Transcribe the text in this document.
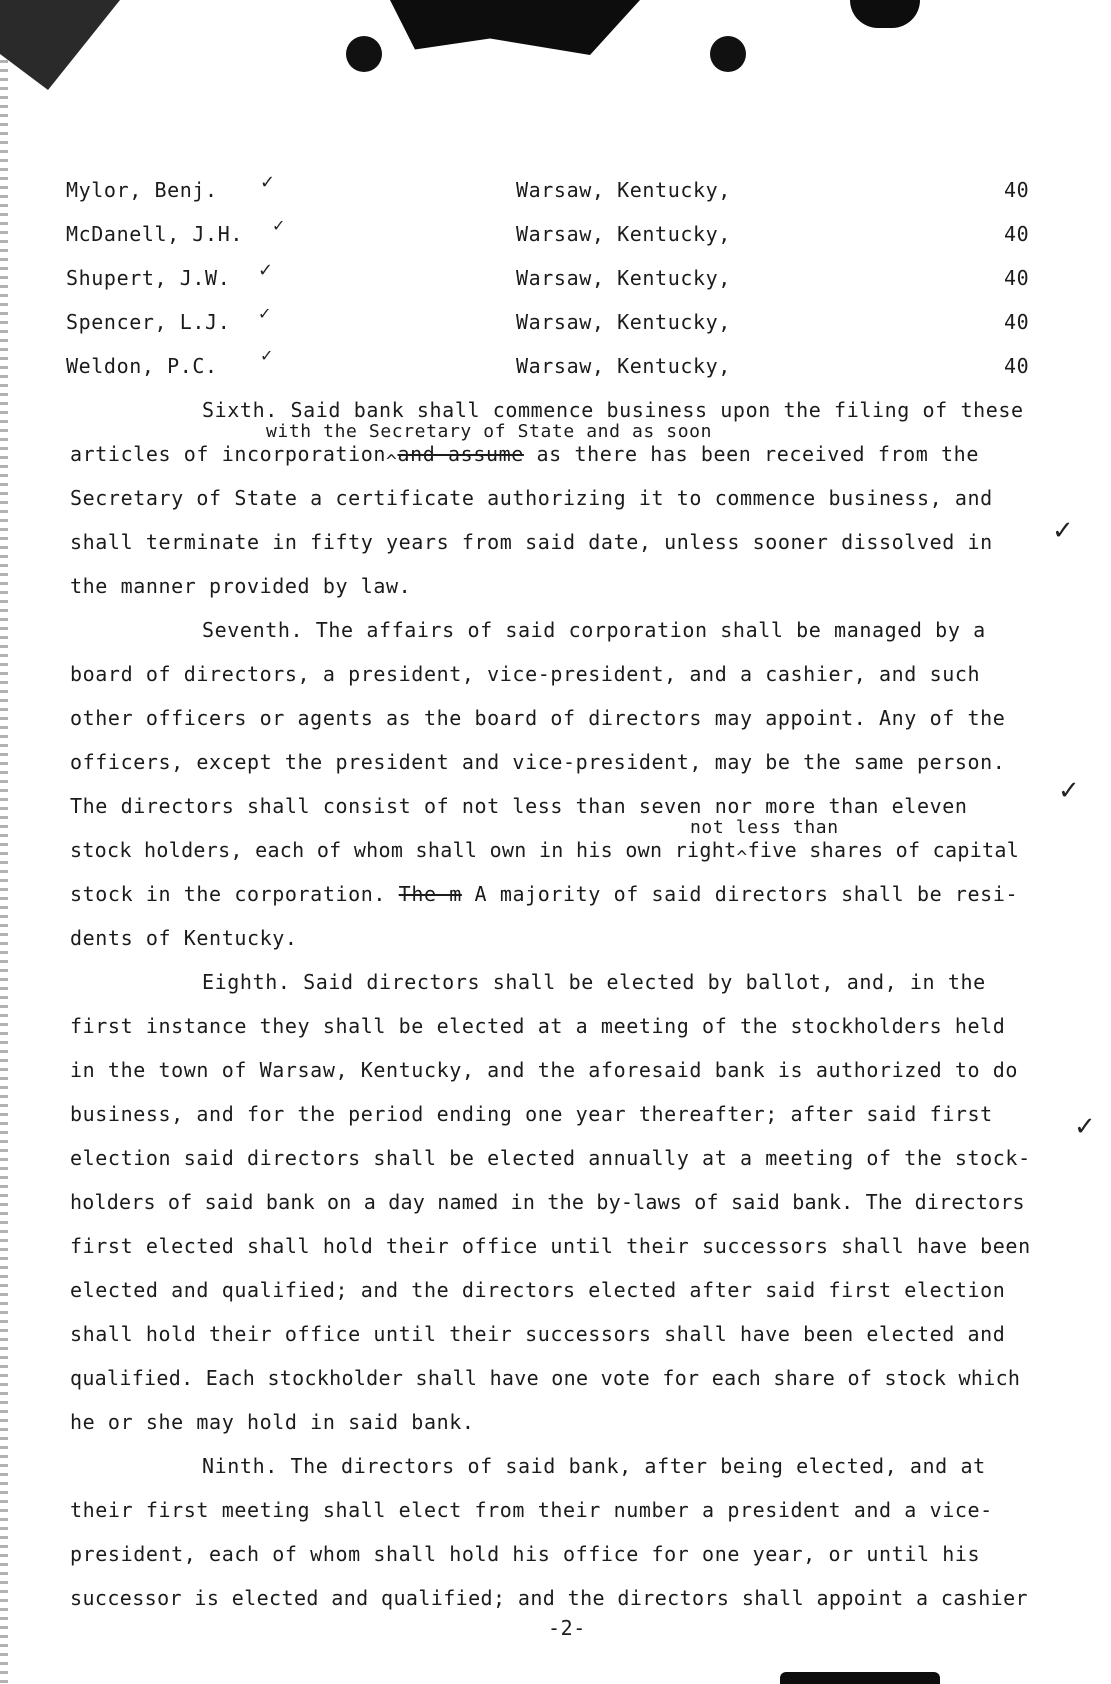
Mylor, Benj. ✓	Warsaw, Kentucky,	40
McDanell, J.H. ✓	Warsaw, Kentucky,	40
Shupert, J.W. ✓	Warsaw, Kentucky,	40
Spencer, L.J. ✓	Warsaw, Kentucky,	40
Weldon, P.C.	✓	Warsaw, Kentucky,	40
Sixth. Said bank shall commence business upon the filing of these
with the Secretary of State and as soon
articles of incorporation^and assume as there has been received from the
Secretary of State a certificate authorizing it to commence business, and
shall terminate in fifty years from said date, unless sooner dissolved in ✓
the manner provided by law.
Seventh. The affairs of said corporation shall be managed by a
board of directors, a president, vice-president, and a cashier, and such
other officers or agents as the board of directors may appoint. Any of the
officers, except the president and vice-president, may be the same person.
The directors shall consist of not less than seven nor more than eleven	✓
not less than
stock holders, each of whom shall own in his own right^five shares of capital
stock in the corporation. The m A majority of said directors shall be resi-
dents of Kentucky.
Eighth. Said directors shall be elected by ballot, and, in the
first instance they shall be elected at a meeting of the stockholders held
in the town of Warsaw, Kentucky, and the aforesaid bank is authorized to do
business, and for the period ending one year thereafter; after said first	✓
election said directors shall be elected annually at a meeting of the stock-
holders of said bank on a day named in the by-laws of said bank. The directors
first elected shall hold their office until their successors shall have been
elected and qualified; and the directors elected after said first election
shall hold their office until their successors shall have been elected and
qualified. Each stockholder shall have one vote for each share of stock which
he or she may hold in said bank.
Ninth. The directors of said bank, after being elected, and at
their first meeting shall elect from their number a president and a vice-
president, each of whom shall hold his office for one year, or until his
successor is elected and qualified; and the directors shall appoint a cashier
-2-
